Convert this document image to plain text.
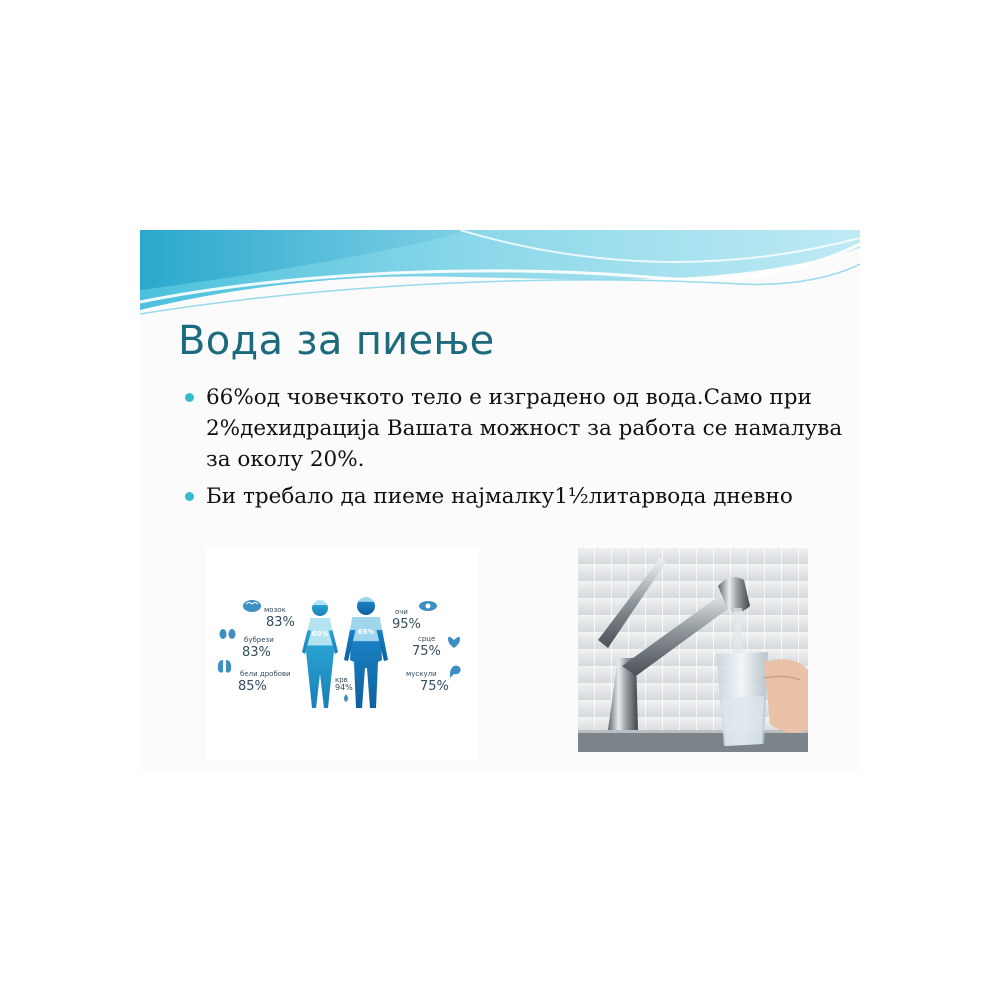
Вода за пиење
66%од човечкото тело е изградено од вода.Само при 2%дехидрација Вашата можност за работа се намалува за околу 20%.
Би требало да пиеме најмалку1½литарвода дневно
60%	65%
мозок
83%
бубрези
83%
бели дробови
85%	крв
94%
очи
95%
срце
75%
мускули
75%
